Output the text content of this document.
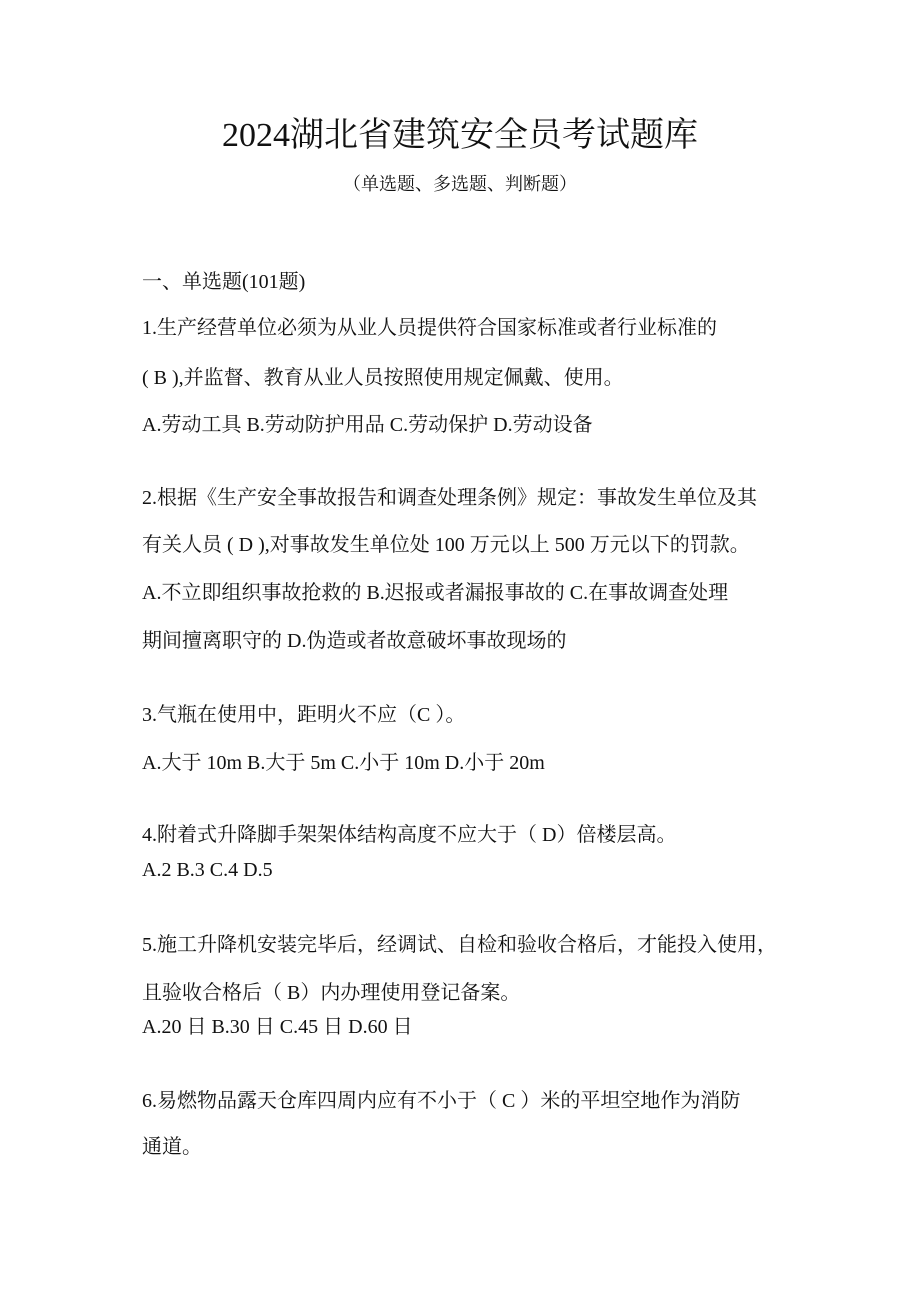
2024湖北省建筑安全员考试题库
（单选题、多选题、判断题）
一、单选题(101题)
1.生产经营单位必须为从业人员提供符合国家标准或者行业标准的
( B ),并监督、教育从业人员按照使用规定佩戴、使用。
A.劳动工具 B.劳动防护用品 C.劳动保护 D.劳动设备
2.根据《生产安全事故报告和调查处理条例》规定：事故发生单位及其
有关人员 ( D ),对事故发生单位处 100 万元以上 500 万元以下的罚款。
A.不立即组织事故抢救的 B.迟报或者漏报事故的 C.在事故调查处理
期间擅离职守的 D.伪造或者故意破坏事故现场的
3.气瓶在使用中，距明火不应（C ）。
A.大于 10m B.大于 5m C.小于 10m D.小于 20m
4.附着式升降脚手架架体结构高度不应大于（ D）倍楼层高。
A.2 B.3 C.4 D.5
5.施工升降机安装完毕后，经调试、自检和验收合格后，才能投入使用，
且验收合格后（ B）内办理使用登记备案。
A.20 日 B.30 日 C.45 日 D.60 日
6.易燃物品露天仓库四周内应有不小于（ C ）米的平坦空地作为消防
通道。
